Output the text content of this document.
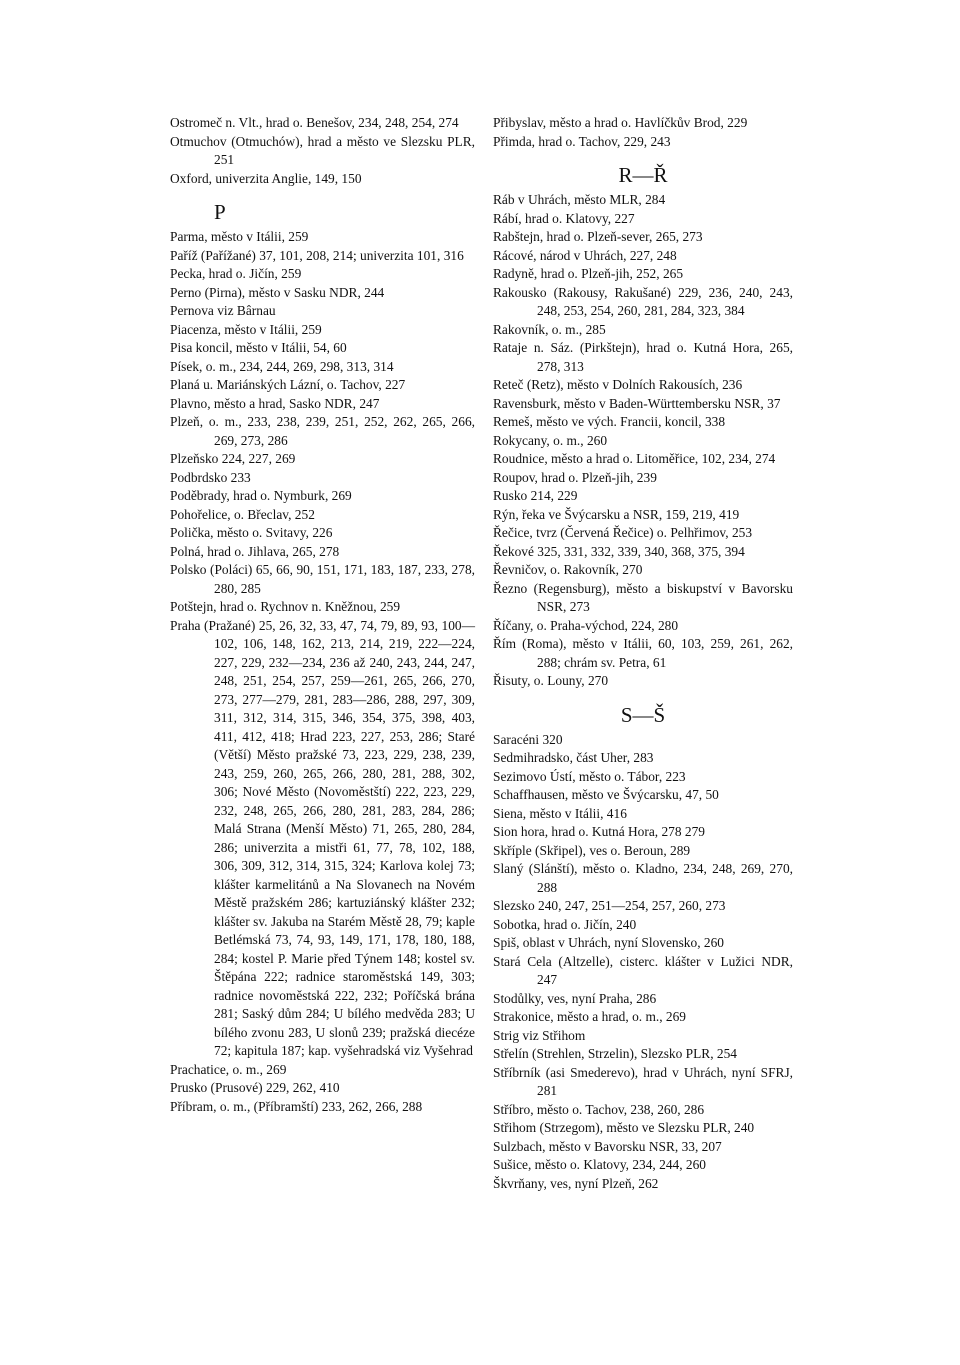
Ostromeč n. Vlt., hrad o. Benešov, 234, 248, 254, 274

Otmuchov (Otmuchów), hrad a město ve Slezsku PLR, 251

Oxford, univerzita Anglie, 149, 150

P

Parma, město v Itálii, 259

Paříž (Pařížané) 37, 101, 208, 214; univerzita 101, 316

Pecka, hrad o. Jičín, 259

Perno (Pirna), město v Sasku NDR, 244

Pernova viz Bârnau

Piacenza, město v Itálii, 259

Pisa koncil, město v Itálii, 54, 60

Písek, o. m., 234, 244, 269, 298, 313, 314

Planá u. Mariánských Lázní, o. Tachov, 227

Plavno, město a hrad, Sasko NDR, 247

Plzeň, o. m., 233, 238, 239, 251, 252, 262, 265, 266, 269, 273, 286

Plzeňsko 224, 227, 269

Podbrdsko 233

Poděbrady, hrad o. Nymburk, 269

Pohořelice, o. Břeclav, 252

Polička, město o. Svitavy, 226

Polná, hrad o. Jihlava, 265, 278

Polsko (Poláci) 65, 66, 90, 151, 171, 183, 187, 233, 278, 280, 285

Potštejn, hrad o. Rychnov n. Kněžnou, 259

Praha (Pražané) 25, 26, 32, 33, 47, 74, 79, 89, 93, 100—102, 106, 148, 162, 213, 214, 219, 222—224, 227, 229, 232—234, 236 až 240, 243, 244, 247, 248, 251, 254, 257, 259—261, 265, 266, 270, 273, 277—279, 281, 283—286, 288, 297, 309, 311, 312, 314, 315, 346, 354, 375, 398, 403, 411, 412, 418; Hrad 223, 227, 253, 286; Staré (Větší) Město pražské 73, 223, 229, 238, 239, 243, 259, 260, 265, 266, 280, 281, 288, 302, 306; Nové Město (Novoměstští) 222, 223, 229, 232, 248, 265, 266, 280, 281, 283, 284, 286; Malá Strana (Menší Město) 71, 265, 280, 284, 286; univerzita a mistři 61, 77, 78, 102, 188, 306, 309, 312, 314, 315, 324; Karlova kolej 73; klášter karmelitánů a Na Slovanech na Novém Městě pražském 286; kartuziánský klášter 232; klášter sv. Jakuba na Starém Městě 28, 79; kaple Betlémská 73, 74, 93, 149, 171, 178, 180, 188, 284; kostel P. Marie před Týnem 148; kostel sv. Štěpána 222; radnice staroměstská 149, 303; radnice novoměstská 222, 232; Poříčská brána 281; Saský dům 284; U bílého medvěda 283; U bílého zvonu 283, U slonů 239; pražská diecéze 72; kapitula 187; kap. vyšehradská viz Vyšehrad

Prachatice, o. m., 269

Prusko (Prusové) 229, 262, 410

Příbram, o. m., (Příbramští) 233, 262, 266, 288

Přibyslav, město a hrad o. Havlíčkův Brod, 229

Přimda, hrad o. Tachov, 229, 243

R—Ř

Ráb v Uhrách, město MLR, 284

Rábí, hrad o. Klatovy, 227

Rabštejn, hrad o. Plzeň-sever, 265, 273

Rácové, národ v Uhrách, 227, 248

Radyně, hrad o. Plzeň-jih, 252, 265

Rakousko (Rakousy, Rakušané) 229, 236, 240, 243, 248, 253, 254, 260, 281, 284, 323, 384

Rakovník, o. m., 285

Rataje n. Sáz. (Pirkštejn), hrad o. Kutná Hora, 265, 278, 313

Reteč (Retz), město v Dolních Rakousích, 236

Ravensburk, město v Baden-Württembersku NSR, 37

Remeš, město ve vých. Francii, koncil, 338

Rokycany, o. m., 260

Roudnice, město a hrad o. Litoměřice, 102, 234, 274

Roupov, hrad o. Plzeň-jih, 239

Rusko 214, 229

Rýn, řeka ve Švýcarsku a NSR, 159, 219, 419

Řečice, tvrz (Červená Řečice) o. Pelhřimov, 253

Řekové 325, 331, 332, 339, 340, 368, 375, 394

Řevničov, o. Rakovník, 270

Řezno (Regensburg), město a biskupství v Bavorsku NSR, 273

Říčany, o. Praha-východ, 224, 280

Řím (Roma), město v Itálii, 60, 103, 259, 261, 262, 288; chrám sv. Petra, 61

Řisuty, o. Louny, 270

S—Š

Saracéni 320

Sedmihradsko, část Uher, 283

Sezimovo Ústí, město o. Tábor, 223

Schaffhausen, město ve Švýcarsku, 47, 50

Siena, město v Itálii, 416

Sion hora, hrad o. Kutná Hora, 278 279

Skříple (Skřipel), ves o. Beroun, 289

Slaný (Slánští), město o. Kladno, 234, 248, 269, 270, 288

Slezsko 240, 247, 251—254, 257, 260, 273

Sobotka, hrad o. Jičín, 240

Spiš, oblast v Uhrách, nyní Slovensko, 260

Stará Cela (Altzelle), cisterc. klášter v Lužici NDR, 247

Stodůlky, ves, nyní Praha, 286

Strakonice, město a hrad, o. m., 269

Strig viz Střihom

Střelín (Strehlen, Strzelin), Slezsko PLR, 254

Stříbrník (asi Smederevo), hrad v Uhrách, nyní SFRJ, 281

Stříbro, město o. Tachov, 238, 260, 286

Střihom (Strzegom), město ve Slezsku PLR, 240

Sulzbach, město v Bavorsku NSR, 33, 207

Sušice, město o. Klatovy, 234, 244, 260

Škvrňany, ves, nyní Plzeň, 262
